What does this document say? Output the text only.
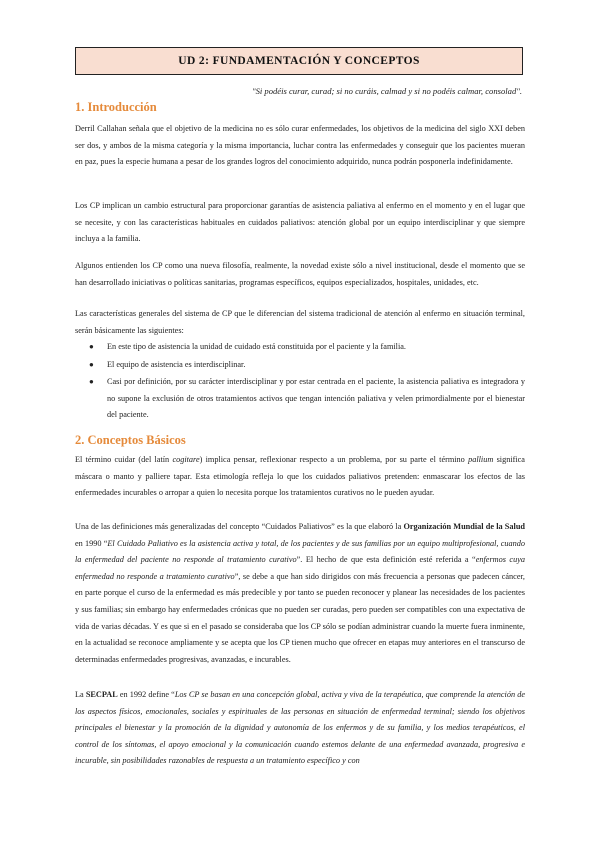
UD 2: FUNDAMENTACIÓN Y CONCEPTOS
"Si podéis curar, curad; si no curáis, calmad y si no podéis calmar, consolad".
1. Introducción

Derril Callahan señala que el objetivo de la medicina no es sólo curar enfermedades, los objetivos de la medicina del siglo XXI deben ser dos, y ambos de la misma categoría y la misma importancia, luchar contra las enfermedades y conseguir que los pacientes mueran en paz, pues la especie humana a pesar de los grandes logros del conocimiento adquirido, nunca podrán posponerla indefinidamente.

Los CP implican un cambio estructural para proporcionar garantías de asistencia paliativa al enfermo en el momento y en el lugar que se necesite, y con las características habituales en cuidados paliativos: atención global por un equipo interdisciplinar y que siempre incluya a la familia.

Algunos entienden los CP como una nueva filosofía, realmente, la novedad existe sólo a nivel institucional, desde el momento que se han desarrollado iniciativas o políticas sanitarias, programas específicos, equipos especializados, hospitales, unidades, etc.

Las características generales del sistema de CP que le diferencian del sistema tradicional de atención al enfermo en situación terminal, serán básicamente las siguientes:

● En este tipo de asistencia la unidad de cuidado está constituida por el paciente y la familia.
● El equipo de asistencia es interdisciplinar.
● Casi por definición, por su carácter interdisciplinar y por estar centrada en el paciente, la asistencia paliativa es integradora y no supone la exclusión de otros tratamientos activos que tengan intención paliativa y velen primordialmente por el bienestar del paciente.
2. Conceptos Básicos

El término cuidar (del latín cogitare) implica pensar, reflexionar respecto a un problema, por su parte el término pallium significa máscara o manto y palliere tapar. Esta etimología refleja lo que los cuidados paliativos pretenden: enmascarar los efectos de las enfermedades incurables o arropar a quien lo necesita porque los tratamientos curativos no le pueden ayudar.

Una de las definiciones más generalizadas del concepto “Cuidados Paliativos” es la que elaboró la Organización Mundial de la Salud en 1990 “El Cuidado Paliativo es la asistencia activa y total, de los pacientes y de sus familias por un equipo multiprofesional, cuando la enfermedad del paciente no responde al tratamiento curativo”. El hecho de que esta definición esté referida a “enfermos cuya enfermedad no responde a tratamiento curativo”, se debe a que han sido dirigidos con más frecuencia a personas que padecen cáncer, en parte porque el curso de la enfermedad es más predecible y por tanto se pueden reconocer y planear las necesidades de los pacientes y sus familias; sin embargo hay enfermedades crónicas que no pueden ser curadas, pero pueden ser compatibles con una expectativa de vida de varias décadas. Y es que si en el pasado se consideraba que los CP sólo se podían administrar cuando la muerte fuera inminente, en la actualidad se reconoce ampliamente y se acepta que los CP tienen mucho que ofrecer en etapas muy anteriores en el transcurso de determinadas enfermedades progresivas, avanzadas, e incurables.

La SECPAL en 1992 define “Los CP se basan en una concepción global, activa y viva de la terapéutica, que comprende la atención de los aspectos físicos, emocionales, sociales y espirituales de las personas en situación de enfermedad terminal; siendo los objetivos principales el bienestar y la promoción de la dignidad y autonomía de los enfermos y de su familia, y los medios terapéuticos, el control de los síntomas, el apoyo emocional y la comunicación cuando estemos delante de una enfermedad avanzada, progresiva e incurable, sin posibilidades razonables de respuesta a un tratamiento específico y con
